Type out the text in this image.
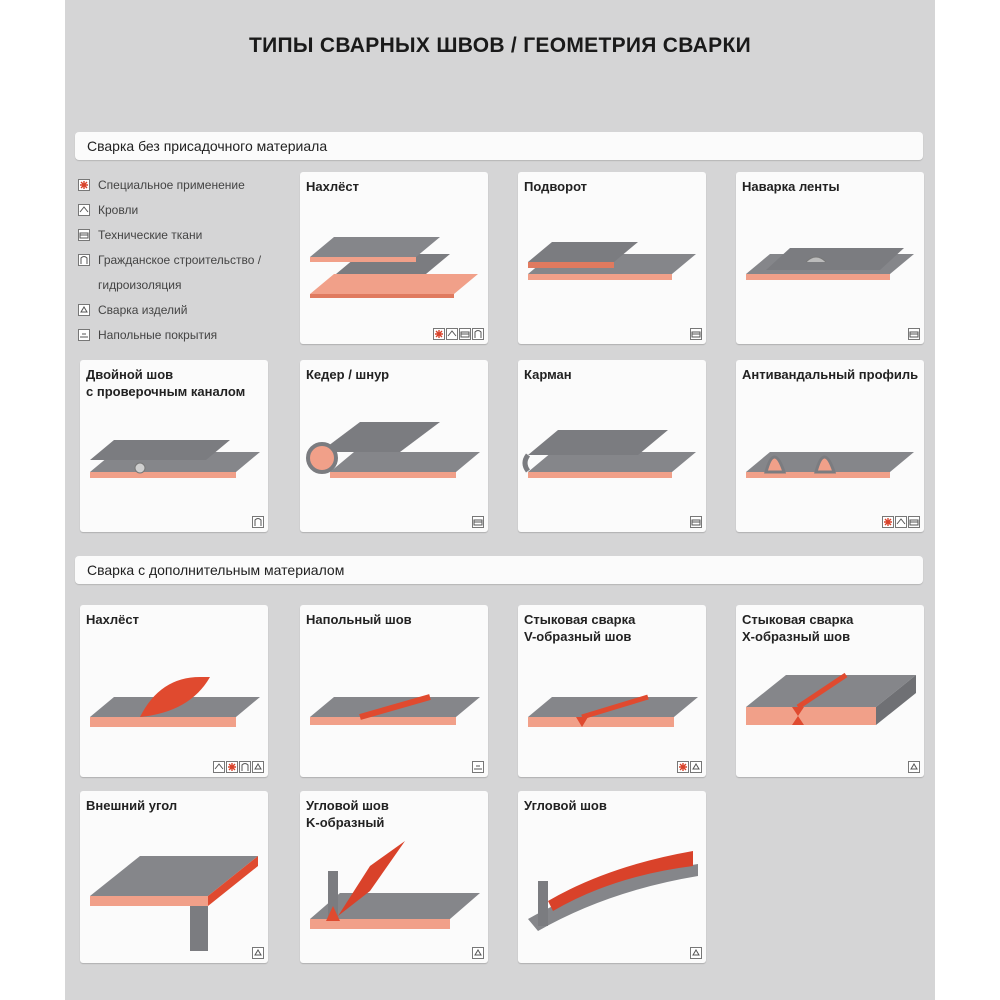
ТИПЫ СВАРНЫХ ШВОВ / ГЕОМЕТРИЯ СВАРКИ
Сварка без присадочного материала
Сварка с дополнительным материалом
Специальное применение
Кровли
Технические ткани
Гражданское строительство /
гидроизоляция
Сварка изделий
Напольные покрытия
Нахлёст	Подворот	Наварка ленты
Двойной шов
с проверочным каналом
Кедер / шнур	Карман	Антивандальный профиль
Нахлёст	Напольный шов	Стыковая сварка
V-образный шов
Стыковая сварка
X-образный шов
Внешний угол	Угловой шов
K-образный
Угловой шов
